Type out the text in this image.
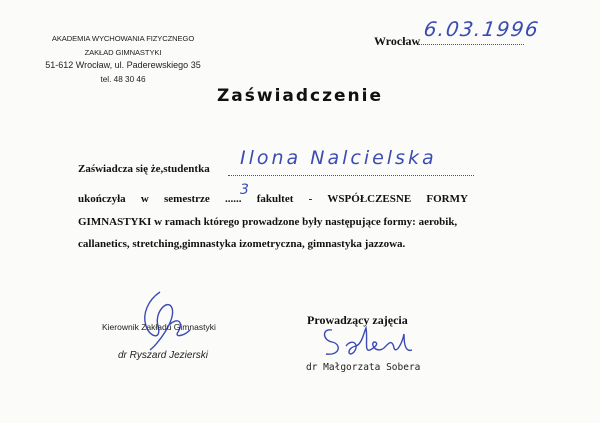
AKADEMIA WYCHOWANIA FIZYCZNEGO
ZAKŁAD GIMNASTYKI
51-612 Wrocław, ul. Paderewskiego 35
tel. 48 30 46
Wrocław 6.03.1996
Zaświadczenie
Zaświadcza się że,studentka Ilona Nalcielska
ukończyła w semestrze ...... fakultet - WSPÓŁCZESNE FORMY
3
GIMNASTYKI w ramach którego prowadzone były następujące formy: aerobik,
callanetics, stretching,gimnastyka izometryczna, gimnastyka jazzowa.
Kierownik Zakładu Gimnastyki
dr Ryszard Jezierski
Prowadzący zajęcia
dr Małgorzata Sobera
